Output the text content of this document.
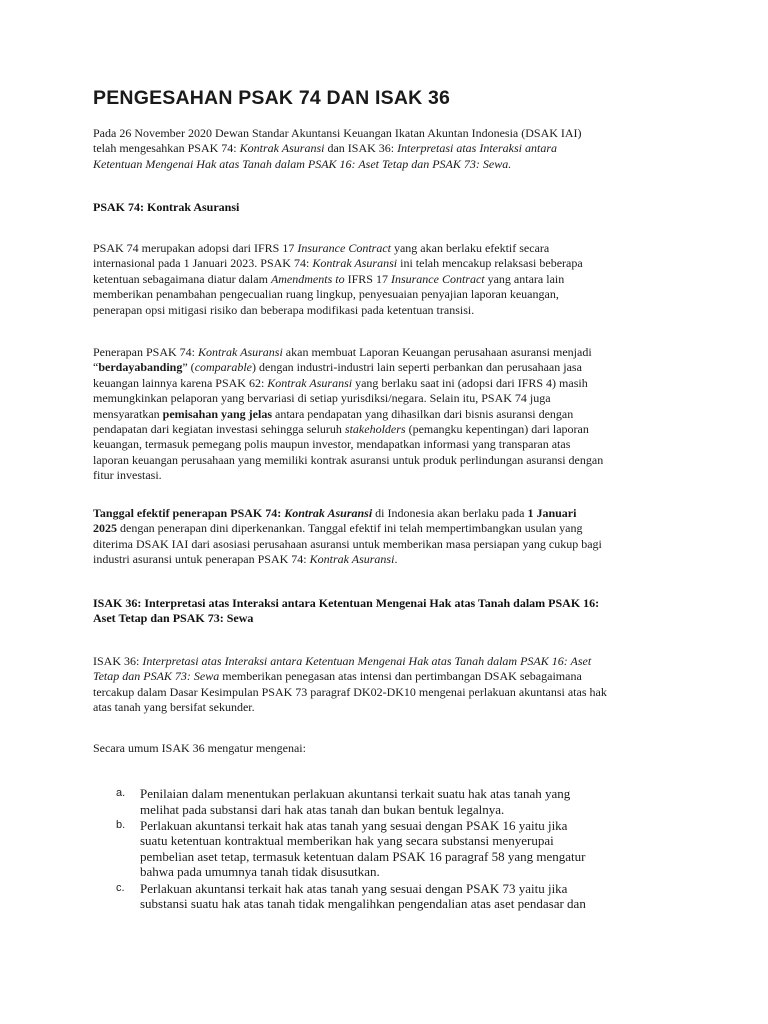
PENGESAHAN PSAK 74 DAN ISAK 36

Pada 26 November 2020 Dewan Standar Akuntansi Keuangan Ikatan Akuntan Indonesia (DSAK IAI)
telah mengesahkan PSAK 74: Kontrak Asuransi dan ISAK 36: Interpretasi atas Interaksi antara
Ketentuan Mengenai Hak atas Tanah dalam PSAK 16: Aset Tetap dan PSAK 73: Sewa.

PSAK 74: Kontrak Asuransi

PSAK 74 merupakan adopsi dari IFRS 17 Insurance Contract yang akan berlaku efektif secara
internasional pada 1 Januari 2023. PSAK 74: Kontrak Asuransi ini telah mencakup relaksasi beberapa
ketentuan sebagaimana diatur dalam Amendments to IFRS 17 Insurance Contract yang antara lain
memberikan penambahan pengecualian ruang lingkup, penyesuaian penyajian laporan keuangan,
penerapan opsi mitigasi risiko dan beberapa modifikasi pada ketentuan transisi.

Penerapan PSAK 74: Kontrak Asuransi akan membuat Laporan Keuangan perusahaan asuransi menjadi
“berdayabanding” (comparable) dengan industri-industri lain seperti perbankan dan perusahaan jasa
keuangan lainnya karena PSAK 62: Kontrak Asuransi yang berlaku saat ini (adopsi dari IFRS 4) masih
memungkinkan pelaporan yang bervariasi di setiap yurisdiksi/negara. Selain itu, PSAK 74 juga
mensyaratkan pemisahan yang jelas antara pendapatan yang dihasilkan dari bisnis asuransi dengan
pendapatan dari kegiatan investasi sehingga seluruh stakeholders (pemangku kepentingan) dari laporan
keuangan, termasuk pemegang polis maupun investor, mendapatkan informasi yang transparan atas
laporan keuangan perusahaan yang memiliki kontrak asuransi untuk produk perlindungan asuransi dengan
fitur investasi.

Tanggal efektif penerapan PSAK 74: Kontrak Asuransi di Indonesia akan berlaku pada 1 Januari
2025 dengan penerapan dini diperkenankan. Tanggal efektif ini telah mempertimbangkan usulan yang
diterima DSAK IAI dari asosiasi perusahaan asuransi untuk memberikan masa persiapan yang cukup bagi
industri asuransi untuk penerapan PSAK 74: Kontrak Asuransi.

ISAK 36: Interpretasi atas Interaksi antara Ketentuan Mengenai Hak atas Tanah dalam PSAK 16:
Aset Tetap dan PSAK 73: Sewa

ISAK 36: Interpretasi atas Interaksi antara Ketentuan Mengenai Hak atas Tanah dalam PSAK 16: Aset
Tetap dan PSAK 73: Sewa memberikan penegasan atas intensi dan pertimbangan DSAK sebagaimana
tercakup dalam Dasar Kesimpulan PSAK 73 paragraf DK02-DK10 mengenai perlakuan akuntansi atas hak
atas tanah yang bersifat sekunder.

Secara umum ISAK 36 mengatur mengenai:

a. Penilaian dalam menentukan perlakuan akuntansi terkait suatu hak atas tanah yang
melihat pada substansi dari hak atas tanah dan bukan bentuk legalnya.
b. Perlakuan akuntansi terkait hak atas tanah yang sesuai dengan PSAK 16 yaitu jika
suatu ketentuan kontraktual memberikan hak yang secara substansi menyerupai
pembelian aset tetap, termasuk ketentuan dalam PSAK 16 paragraf 58 yang mengatur
bahwa pada umumnya tanah tidak disusutkan.
c. Perlakuan akuntansi terkait hak atas tanah yang sesuai dengan PSAK 73 yaitu jika
substansi suatu hak atas tanah tidak mengalihkan pengendalian atas aset pendasar dan
